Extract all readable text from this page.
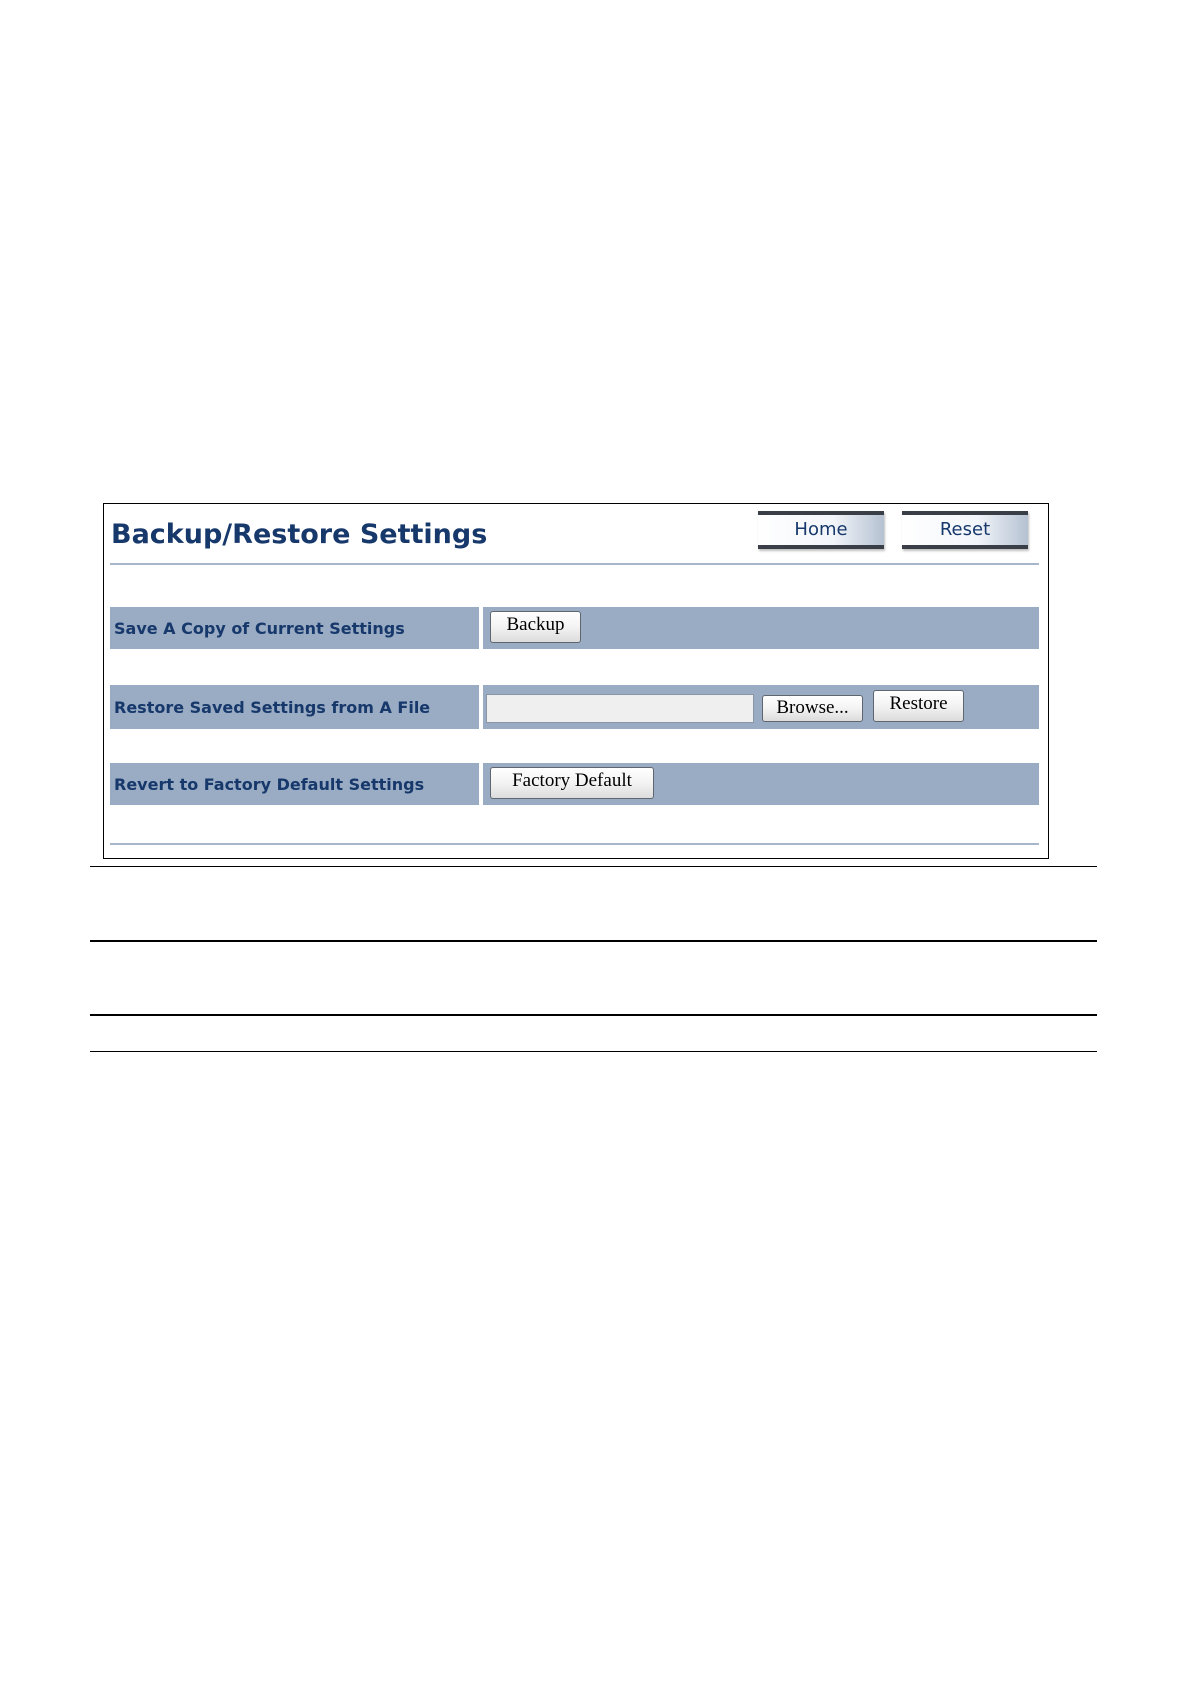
Backup/Restore Settings	Home	Reset
Save A Copy of Current Settings	Backup
Restore Saved Settings from A File	Browse...	Restore
Revert to Factory Default Settings	Factory Default
